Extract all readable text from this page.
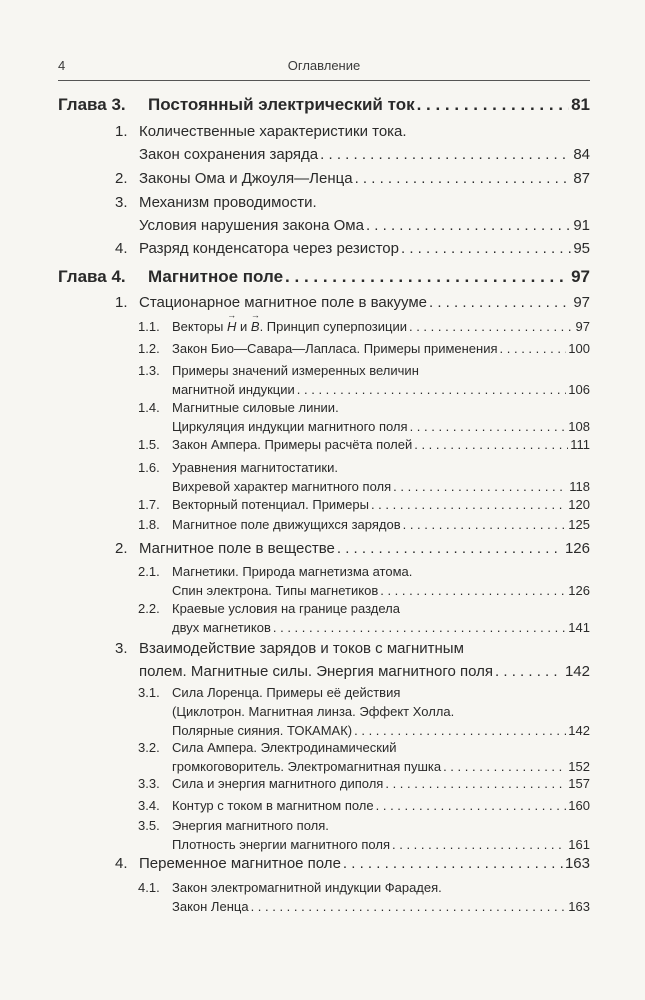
4	Оглавление
Глава 3. Постоянный электрический ток . . .	81
1. Количественные характеристики тока.
Закон сохранения заряда . . .	84
2. Законы Ома и Джоуля—Ленца . . .	87
3. Механизм проводимости.
Условия нарушения закона Ома . . .	91
4. Разряд конденсатора через резистор . . .	95
Глава 4. Магнитное поле . . .	97
1. Стационарное магнитное поле в вакууме . . .	97
1.1. Векторы → H и → B. Принцип суперпозиции . . .	97
1.2. Закон Био—Савара—Лапласа. Примеры применения . . .	100
1.3. Примеры значений измеренных величин
магнитной индукции . . .	106
1.4. Магнитные силовые линии.
Циркуляция индукции магнитного поля . . .	108
1.5. Закон Ампера. Примеры расчёта полей . . .	111
1.6. Уравнения магнитостатики.
Вихревой характер магнитного поля . . .	118
1.7. Векторный потенциал. Примеры . . .	120
1.8. Магнитное поле движущихся зарядов . . .	125
2. Магнитное поле в веществе . . .	126
2.1. Магнетики. Природа магнетизма атома.
Спин электрона. Типы магнетиков . . .	126
2.2. Краевые условия на границе раздела
двух магнетиков . . .	141
3. Взаимодействие зарядов и токов с магнитным
полем. Магнитные силы. Энергия магнитного поля . . .	142
3.1. Сила Лоренца. Примеры её действия
(Циклотрон. Магнитная линза. Эффект Холла.
Полярные сияния. ТОКАМАК) . . .	142
3.2. Сила Ампера. Электродинамический
громкоговоритель. Электромагнитная пушка . . .	152
3.3. Сила и энергия магнитного диполя . . .	157
3.4. Контур с током в магнитном поле . . .	160
3.5. Энергия магнитного поля.
Плотность энергии магнитного поля . . .	161
4. Переменное магнитное поле . . .	163
4.1. Закон электромагнитной индукции Фарадея.
Закон Ленца . . .	163
